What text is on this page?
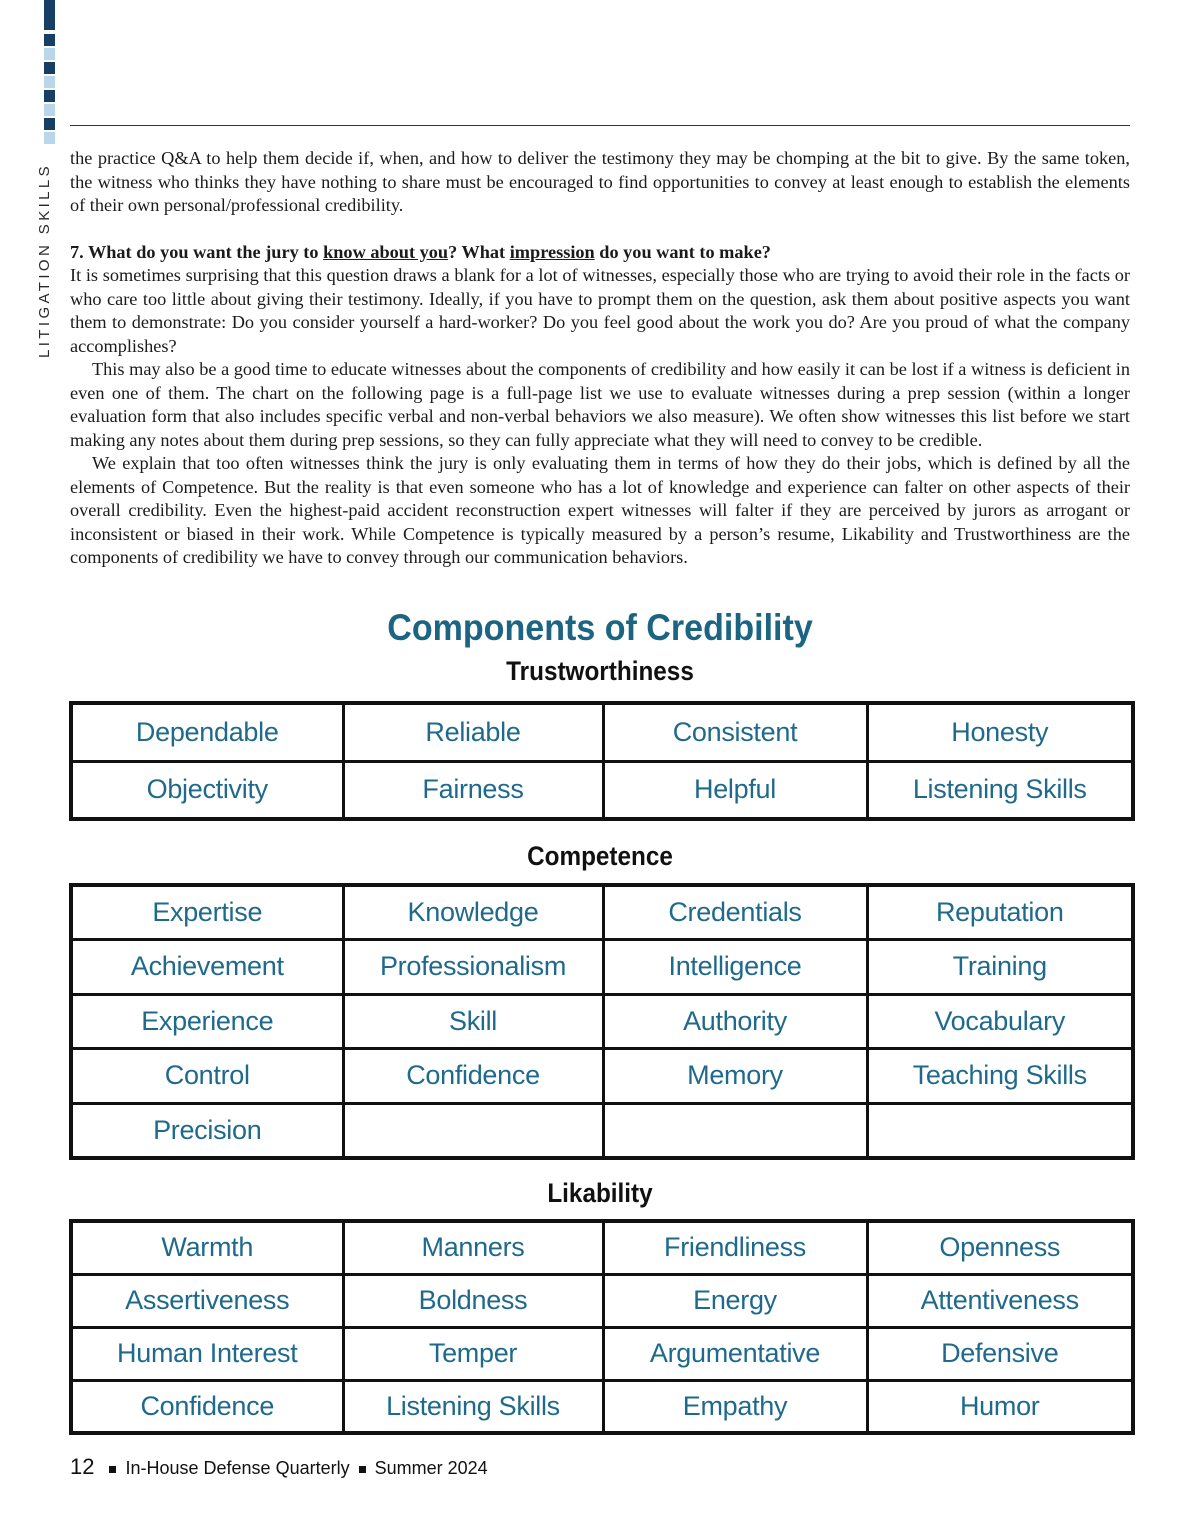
LITIGATION SKILLS

the practice Q&A to help them decide if, when, and how to deliver the testimony they may be chomping at the bit to give. By the same token, the witness who thinks they have nothing to share must be encouraged to find opportunities to convey at least enough to establish the elements of their own personal/professional credibility.

7. What do you want the jury to know about you? What impression do you want to make?

It is sometimes surprising that this question draws a blank for a lot of witnesses, especially those who are trying to avoid their role in the facts or who care too little about giving their testimony. Ideally, if you have to prompt them on the question, ask them about positive aspects you want them to demonstrate: Do you consider yourself a hard-worker? Do you feel good about the work you do? Are you proud of what the company accomplishes?

This may also be a good time to educate witnesses about the components of credibility and how easily it can be lost if a witness is deficient in even one of them. The chart on the following page is a full-page list we use to evaluate witnesses during a prep session (within a longer evaluation form that also includes specific verbal and non-verbal behaviors we also measure). We often show witnesses this list before we start making any notes about them during prep sessions, so they can fully appreciate what they will need to convey to be credible.

We explain that too often witnesses think the jury is only evaluating them in terms of how they do their jobs, which is defined by all the elements of Competence. But the reality is that even someone who has a lot of knowledge and experience can falter on other aspects of their overall credibility. Even the highest-paid accident reconstruction expert witnesses will falter if they are perceived by jurors as arrogant or inconsistent or biased in their work. While Competence is typically measured by a person’s resume, Likability and Trustworthiness are the components of credibility we have to convey through our communication behaviors.

Components of Credibility
Trustworthiness
Dependable	Reliable	Consistent	Honesty
Objectivity	Fairness	Helpful	Listening Skills
Competence
Expertise	Knowledge	Credentials	Reputation
Achievement	Professionalism	Intelligence	Training
Experience	Skill	Authority	Vocabulary
Control	Confidence	Memory	Teaching Skills
Precision			
Likability
Warmth	Manners	Friendliness	Openness
Assertiveness	Boldness	Energy	Attentiveness
Human Interest	Temper	Argumentative	Defensive
Confidence	Listening Skills	Empathy	Humor
12 In-House Defense Quarterly Summer 2024
